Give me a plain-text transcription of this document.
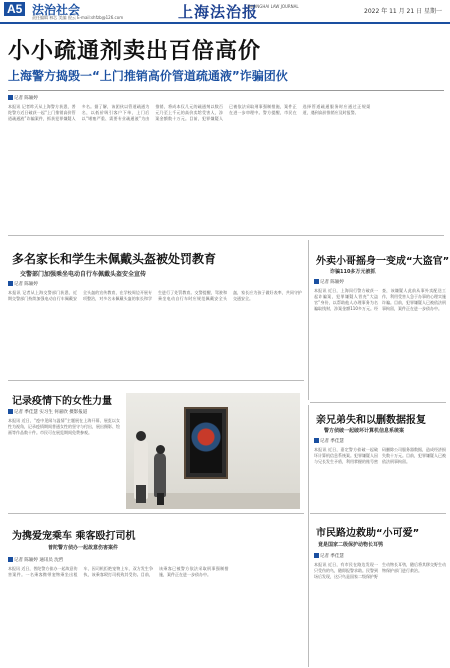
A5 法治社会
责任编辑 林芯 美编 倪云 E-mail:shfzb@126.com	上海法治报
SHANGHAI LAW JOURNAL
2022 年 11 月 21 日 星期一
小小疏通剂卖出百倍高价
上海警方捣毁一“上门推销高价管道疏通液”诈骗团伙
记者 陈颖婷
本报讯 记者昨天从上海警方获悉，普陀警方近日破获一起“上门推销高价管道疏通液”诈骗案件，抓获犯罪嫌疑人多名。据了解，该团伙以管道疏通为名，以低价吸引客户下单，上门后以“堵塞严重、需要专业疏通液”为由推销，将成本仅几元的疏通剂以数百元乃至上千元的高价卖给受害人，涉案金额数十万元。目前，犯罪嫌疑人已被依法采取刑事强制措施，案件正在进一步审理中。警方提醒，市民在选择管道疏通服务时应通过正规渠道，遇到高价推销应及时报警。
多名家长和学生未佩戴头盔被处罚教育
交警部门加强乘坐电动自行车佩戴头盔安全宣传
记者 陈颖婷
本报讯 记者从上海交警部门获悉，近期交警部门持续加强电动自行车佩戴安全头盔的宣传教育，在学校周边开展专项整治，对多名未佩戴头盔的家长和学生进行了处罚教育。交警提醒，驾驶和乘坐电动自行车时应规范佩戴安全头盔，家长应为孩子做好表率，共同守护交通安全。
外卖小哥摇身一变成“大盗官”
诈骗110多万元被抓
记者 陈颖婷
本报讯 近日，上海闵行警方破获一起诈骗案，犯罪嫌疑人冒充“大盗官”身份，以帮助他人办理事务为名骗取钱财，涉案金额110多万元。经查，该嫌疑人此前从事外卖配送工作，利用受害人急于办事的心理实施诈骗。目前，犯罪嫌疑人已被依法刑事拘留，案件正在进一步侦办中。
记录疫情下的女性力量
记者 季佳慧 实习生 何嘉欣 摄影报道
本报讯 近日，“疫中见闻与温情”主题展在上海开幕，展览以女性为视角，记录疫情期间普通女性的坚守与付出，展出摄影、绘画等作品数十件。市民可在展览期间免费参观。
亲兄弟失和以删数据报复
警方侦破一起破坏计算机信息系统案
记者 季佳慧
本报讯 近日，嘉定警方侦破一起破坏计算机信息系统案。犯罪嫌疑人因与兄长发生矛盾，利用掌握的账号密码删除公司服务器数据，造成经济损失数十万元。目前，犯罪嫌疑人已被依法刑事拘留。
为携爱宠乘车 乘客殴打司机
普陀警方侦办一起故意伤害案件
记者 陈颖婷 通讯员 沈哲
本报讯 近日，普陀警方侦办一起故意伤害案件。一名乘客携带宠物乘坐出租车，因司机拒绝宠物上车，双方发生争执，该乘客殴打司机致其受伤。目前，该乘客已被警方依法采取刑事强制措施，案件正在进一步侦办中。
市民路边救助“小可爱”
竟是国家二级保护动物长耳鸮
记者 季佳慧
本报讯 近日，有市民在路边发现一只受伤的鸟，随即报警求助。民警到场后发现，这只鸟是国家二级保护野生动物长耳鸮，随后将其移交野生动物保护部门进行救治。
